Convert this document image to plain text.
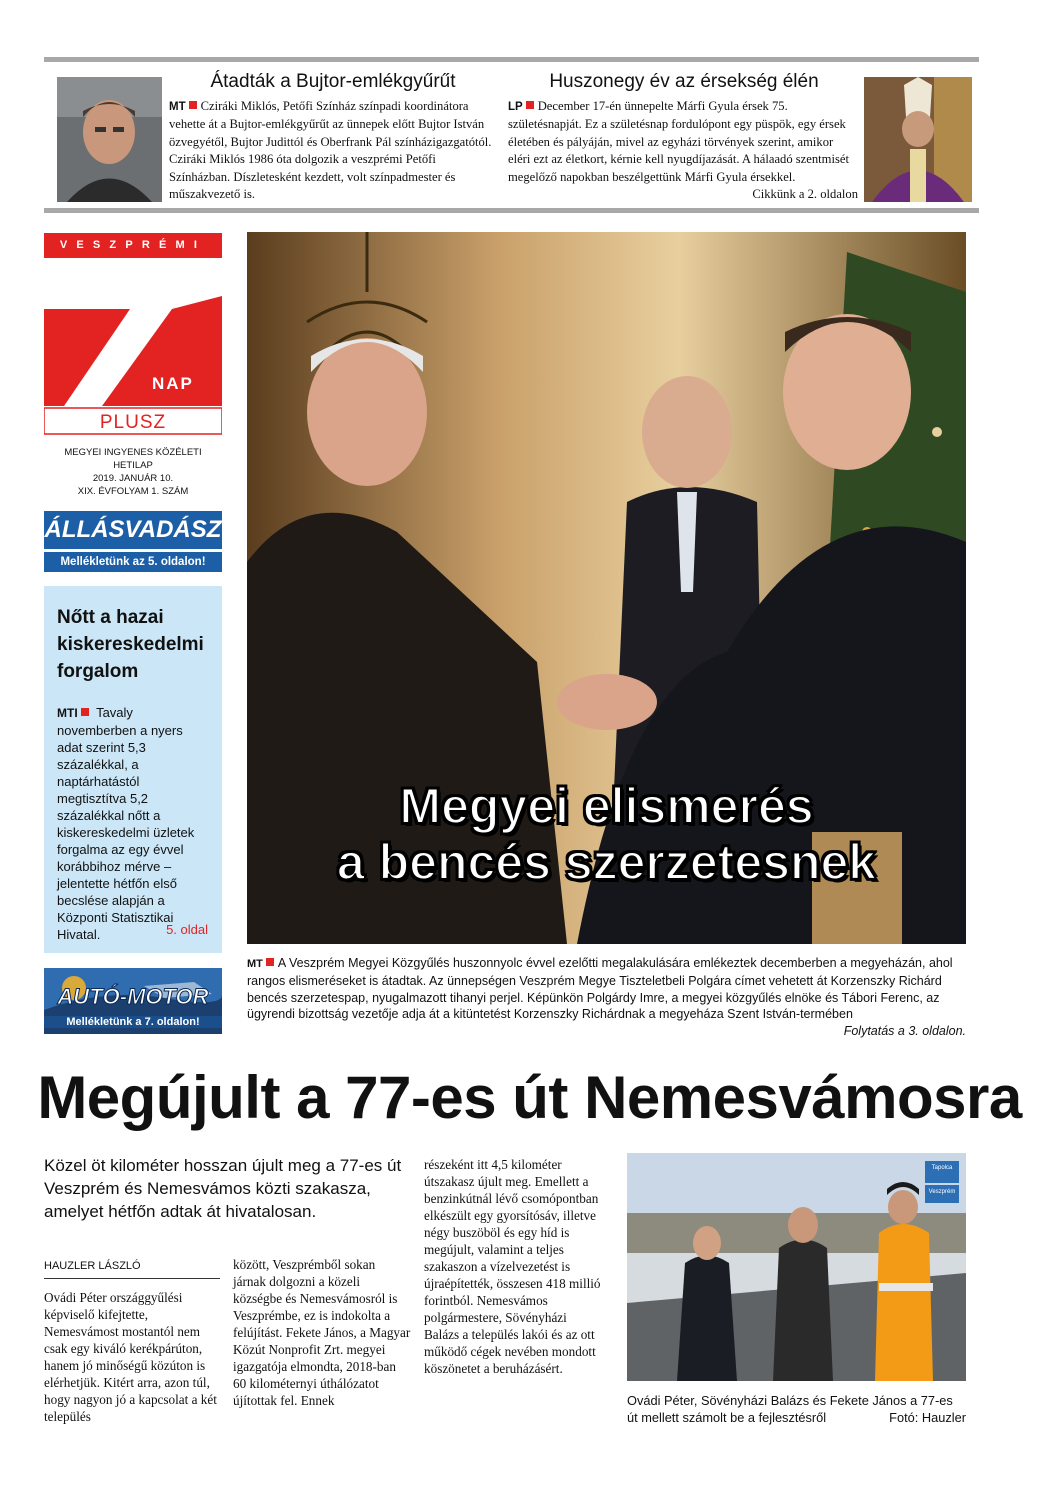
Átadták a Bujtor-emlékgyűrűt
MT Cziráki Miklós, Petőfi Színház színpadi koordinátora vehette át a Bujtor-emlékgyűrűt az ünnepek előtt Bujtor István özvegyétől, Bujtor Judittól és Oberfrank Pál színházigazgatótól. Cziráki Miklós 1986 óta dolgozik a veszprémi Petőfi Színházban. Díszletesként kezdett, volt színpadmester és műszakvezető is.
Huszonegy év az érsekség élén
LP December 17-én ünnepelte Márfi Gyula érsek 75. születésnapját. Ez a születésnap fordulópont egy püspök, egy érsek életében és pályáján, mivel az egyházi törvények szerint, amikor eléri ezt az életkort, kérnie kell nyugdíjazását. A hálaadó szentmisét megelőző napokban beszélgettünk Márfi Gyula érsekkel.
Cikkünk a 2. oldalon
VESZPRÉMI
NAP
PLUSZ
MEGYEI INGYENES KÖZÉLETI HETILAP
2019. JANUÁR 10.
XIX. ÉVFOLYAM 1. SZÁM
ÁLLÁSVADÁSZ
Mellékletünk az 5. oldalon!
Nőtt a hazai kiskereskedelmi forgalom
MTI Tavaly novemberben a nyers adat szerint 5,3 százalékkal, a naptárhatástól megtisztítva 5,2 százalékkal nőtt a kiskereskedelmi üzletek forgalma az egy évvel korábbihoz mérve – jelentette hétfőn első becslése alapján a Központi Statisztikai Hivatal.	5. oldal
AUTÓ-MOTOR
Mellékletünk a 7. oldalon!
Megyei elismerés
a bencés szerzetesnek
MT A Veszprém Megyei Közgyűlés huszonnyolc évvel ezelőtti megalakulására emlékeztek decemberben a megyeházán, ahol rangos elismeréseket is átadtak. Az ünnepségen Veszprém Megye Tiszteletbeli Polgára címet vehetett át Korzenszky Richárd bencés szerzetespap, nyugalmazott tihanyi perjel. Képünkön Polgárdy Imre, a megyei közgyűlés elnöke és Tábori Ferenc, az ügyrendi bizottság vezetője adja át a kitüntetést Korzenszky Richárdnak a megyeháza Szent István-termében
Folytatás a 3. oldalon.
Megújult a 77-es út Nemesvámosra
Közel öt kilométer hosszan újult meg a 77-es út Veszprém és Nemesvámos közti szakasza, amelyet hétfőn adtak át hivatalosan.
HAUZLER LÁSZLÓ
Ovádi Péter országgyűlési képviselő kifejtette, Nemesvámost mostantól nem csak egy kiváló kerékpárúton, hanem jó minőségű közúton is elérhetjük. Kitért arra, azon túl, hogy nagyon jó a kapcsolat a két település
között, Veszprémből sokan járnak dolgozni a közeli községbe és Nemesvámosról is Veszprémbe, ez is indokolta a felújítást. Fekete János, a Magyar Közút Nonprofit Zrt. megyei igazgatója elmondta, 2018-ban 60 kilométernyi úthálózatot újítottak fel. Ennek
részeként itt 4,5 kilométer útszakasz újult meg. Emellett a benzinkútnál lévő csomópontban elkészült egy gyorsítósáv, illetve négy buszöböl és egy híd is megújult, valamint a teljes szakaszon a vízelvezetést is újraépítették, összesen 418 millió forintból. Nemesvámos polgármestere, Sövényházi Balázs a település lakói és az ott működő cégek nevében mondott köszönetet a beruházásért.
Tapolca
Veszprém
Ovádi Péter, Sövényházi Balázs és Fekete János a 77-es út mellett számolt be a fejlesztésről	Fotó: Hauzler
